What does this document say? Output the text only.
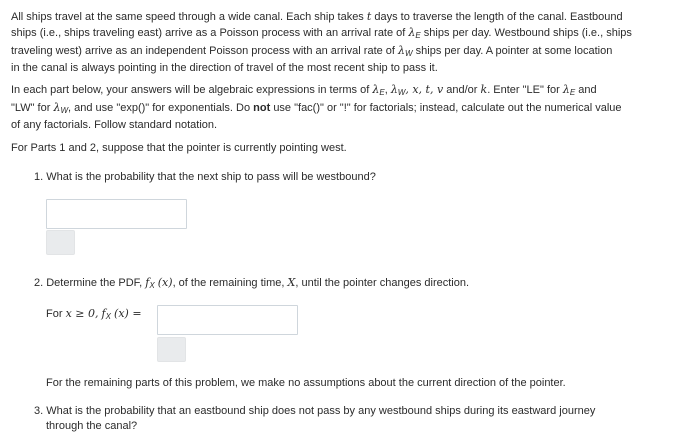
All ships travel at the same speed through a wide canal. Each ship takes t days to traverse the length of the canal. Eastbound
ships (i.e., ships traveling east) arrive as a Poisson process with an arrival rate of $\lambda_E$ ships per day. Westbound ships (i.e., ships
traveling west) arrive as an independent Poisson process with an arrival rate of $\lambda_W$ ships per day. A pointer at some location
in the canal is always pointing in the direction of travel of the most recent ship to pass it.

In each part below, your answers will be algebraic expressions in terms of $\lambda_E$, $\lambda_W$, x, t, v and/or k. Enter "LE" for $\lambda_E$ and
"LW" for $\lambda_W$, and use "exp()" for exponentials. Do not use "fac()" or "!" for factorials; instead, calculate out the numerical value
of any factorials. Follow standard notation.

For Parts 1 and 2, suppose that the pointer is currently pointing west.

1. What is the probability that the next ship to pass will be westbound?

2. Determine the PDF, $f_X$ (x), of the remaining time, X, until the pointer changes direction.

For x ≥ 0, $f_X$ (x) =

For the remaining parts of this problem, we make no assumptions about the current direction of the pointer.

3. What is the probability that an eastbound ship does not pass by any westbound ships during its eastward journey
through the canal?
